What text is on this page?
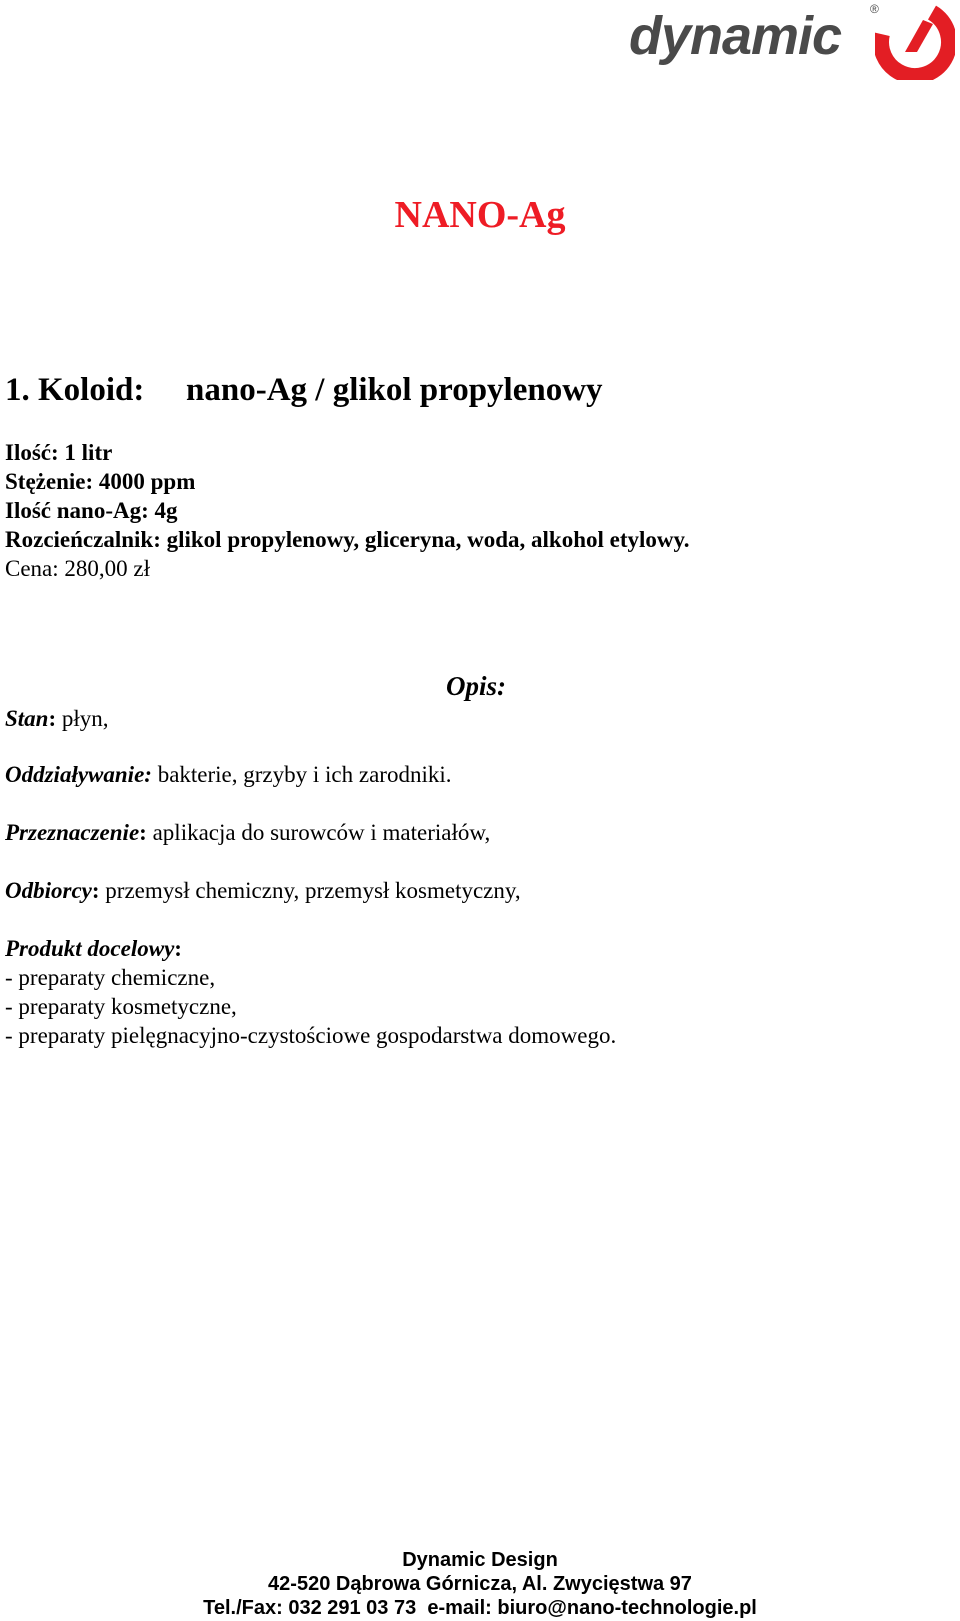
dynamic ®
NANO-Ag
1. Koloid: nano-Ag / glikol propylenowy
Ilość: 1 litr
Stężenie: 4000 ppm
Ilość nano-Ag: 4g
Rozcieńczalnik: glikol propylenowy, gliceryna, woda, alkohol etylowy.
Cena: 280,00 zł
Opis:
Stan: płyn,
Oddziaływanie: bakterie, grzyby i ich zarodniki.
Przeznaczenie: aplikacja do surowców i materiałów,
Odbiorcy: przemysł chemiczny, przemysł kosmetyczny,
Produkt docelowy:
- preparaty chemiczne,
- preparaty kosmetyczne,
- preparaty pielęgnacyjno-czystościowe gospodarstwa domowego.
Dynamic Design
42-520 Dąbrowa Górnicza, Al. Zwycięstwa 97
Tel./Fax: 032 291 03 73  e-mail: biuro@nano-technologie.pl
